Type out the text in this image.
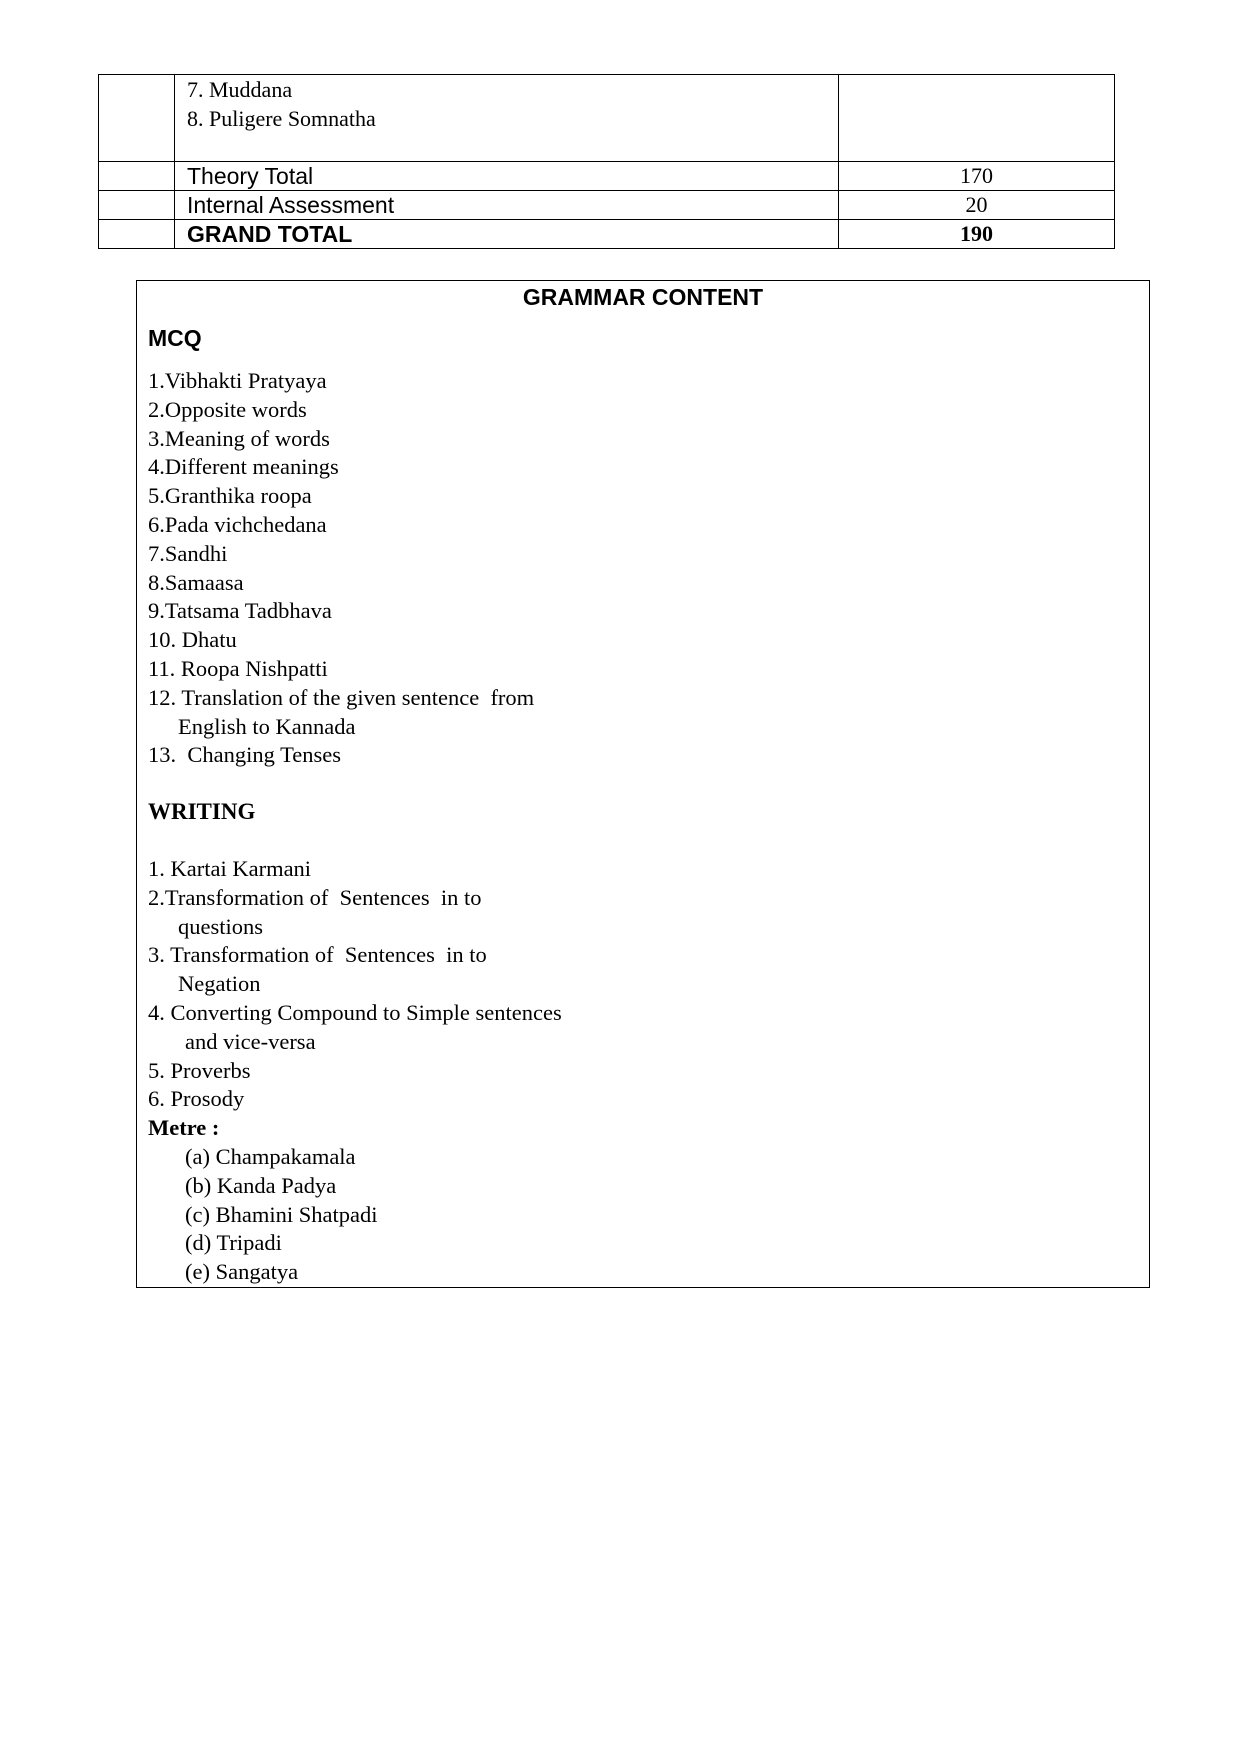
	7. Muddana
8. Puligere Somnatha	

	Theory Total	170
	Internal Assessment	20
	GRAND TOTAL	190
GRAMMAR CONTENT
MCQ
1.Vibhakti Pratyaya
2.Opposite words
3.Meaning of words
4.Different meanings
5.Granthika roopa
6.Pada vichchedana
7.Sandhi
8.Samaasa
9.Tatsama Tadbhava
10. Dhatu
11. Roopa Nishpatti
12. Translation of the given sentence  from
English to Kannada
13.  Changing Tenses
WRITING
1. Kartai Karmani
2.Transformation of  Sentences  in to
questions
3. Transformation of  Sentences  in to
Negation
4. Converting Compound to Simple sentences
and vice-versa
5. Proverbs
6. Prosody
Metre :
(a) Champakamala
(b) Kanda Padya
(c) Bhamini Shatpadi
(d) Tripadi
(e) Sangatya
